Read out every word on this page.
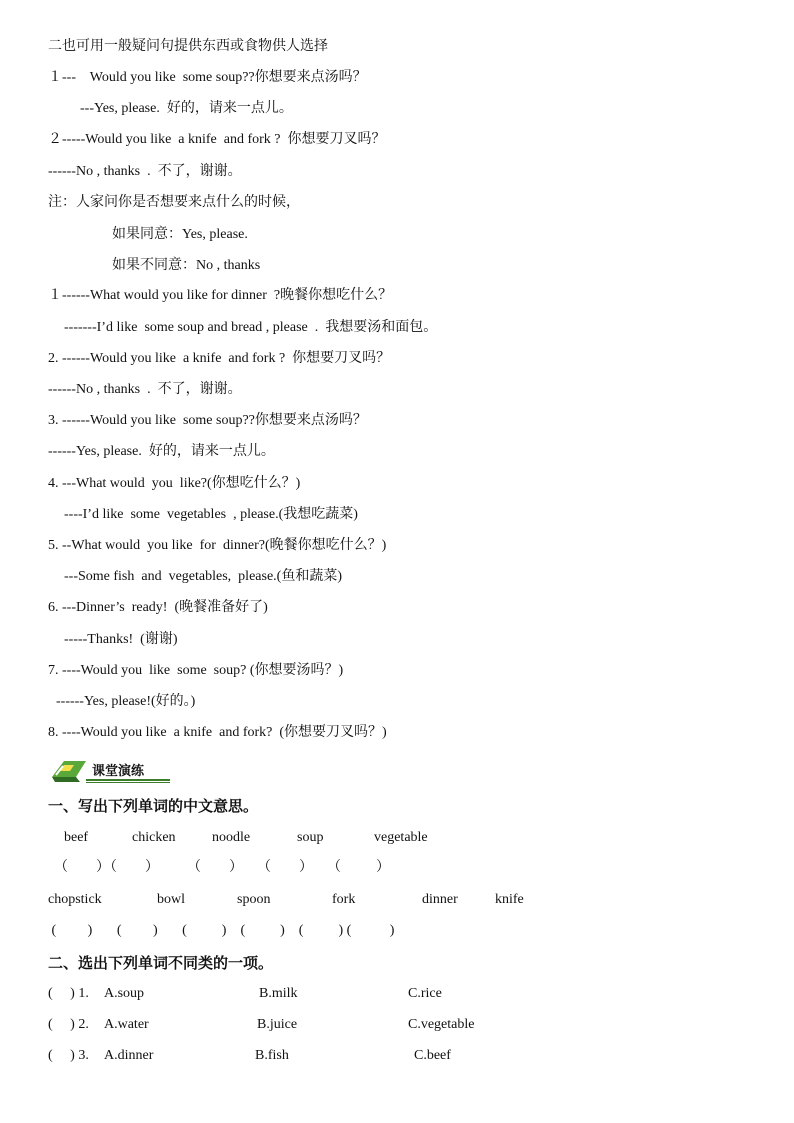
二也可用一般疑问句提供东西或食物供人选择
１---    Would you like  some soup??你想要来点汤吗？
---Yes, please.  好的，请来一点儿。
２-----Would you like  a knife  and fork ?  你想要刀叉吗？
------No , thanks  .  不了，谢谢。
注：人家问你是否想要来点什么的时候，
如果同意：Yes, please.
如果不同意：No , thanks
１------What would you like for dinner  ?晚餐你想吃什么？
-------I’d like  some soup and bread , please  .  我想要汤和面包。
2. ------Would you like  a knife  and fork ?  你想要刀叉吗？
------No , thanks  .  不了，谢谢。
3. ------Would you like  some soup??你想要来点汤吗？
------Yes, please.  好的，请来一点儿。
4. ---What would  you  like?(你想吃什么？)
----I’d like  some  vegetables  , please.(我想吃蔬菜)
5. --What would  you like  for  dinner?(晚餐你想吃什么？)
---Some fish  and  vegetables,  please.(鱼和蔬菜)
6. ---Dinner’s  ready!  (晚餐准备好了)
-----Thanks!  (谢谢)
7. ----Would you  like  some  soup? (你想要汤吗？)
------Yes, please!(好的。)
8. ----Would you like  a knife  and fork?  (你想要刀叉吗？)
课堂演练
一、写出下列单词的中文意思。
beef	chicken	noodle	soup	vegetable
（        ）（        ）        （        ）    （        ）    （          ）
chopstick	bowl	spoon	fork	dinner	knife
(         )       (         )       (          )    (          )    (          ) (           )
二、选出下列单词不同类的一项。
(     ) 1. A.soup	B.milk	C.rice
(     ) 2. A.water	B.juice	C.vegetable
(     ) 3. A.dinner	B.fish	C.beef
